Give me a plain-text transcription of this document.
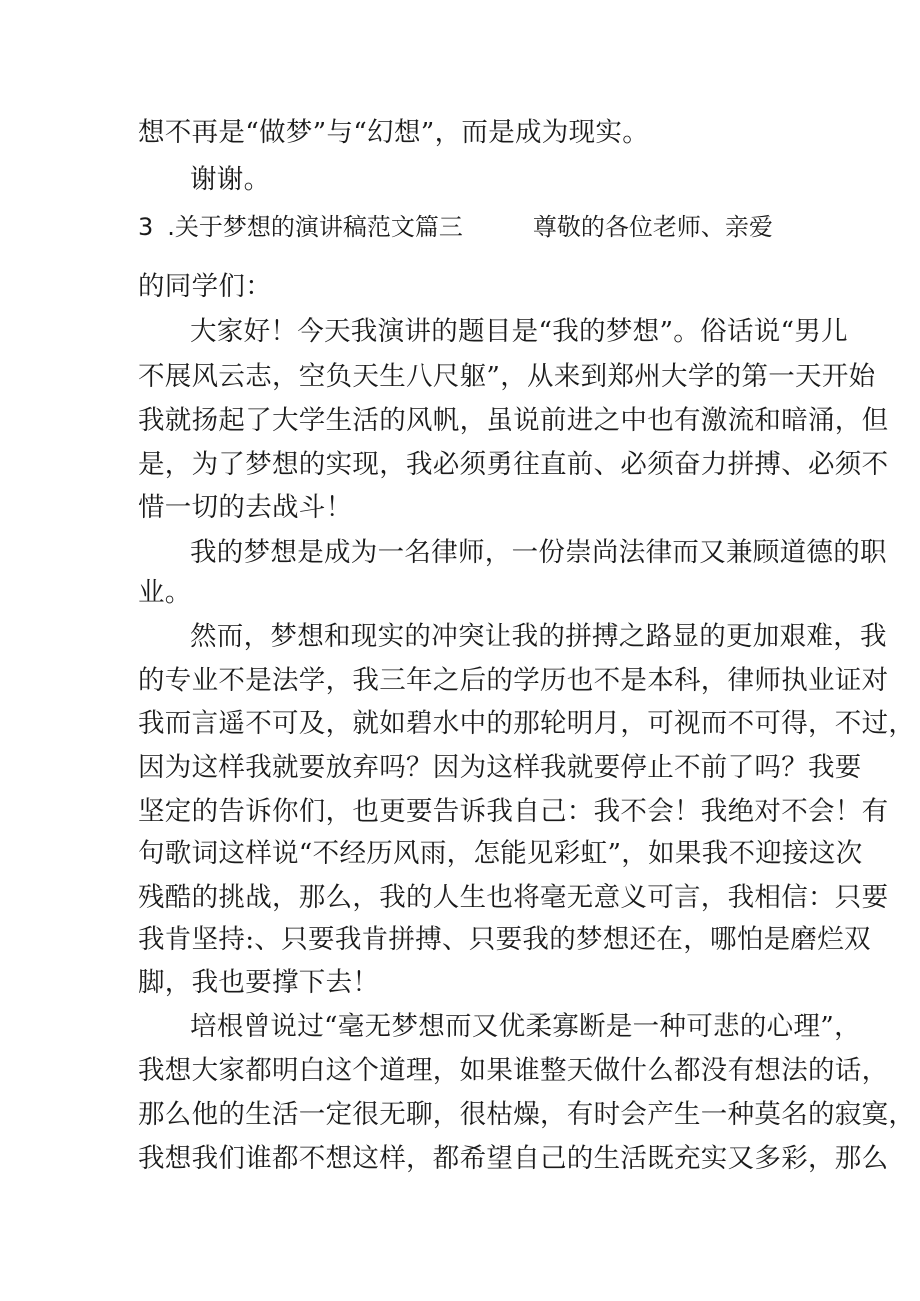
想不再是“做梦”与“幻想”，而是成为现实。
谢谢。
3 .关于梦想的演讲稿范文篇三	尊敬的各位老师、亲爱
的同学们：
大家好！今天我演讲的题目是“我的梦想”。俗话说“男儿
不展风云志，空负天生八尺躯”，从来到郑州大学的第一天开始
我就扬起了大学生活的风帆，虽说前进之中也有激流和暗涌，但
是，为了梦想的实现，我必须勇往直前、必须奋力拼搏、必须不
惜一切的去战斗！
我的梦想是成为一名律师，一份崇尚法律而又兼顾道德的职
业。
然而，梦想和现实的冲突让我的拼搏之路显的更加艰难，我
的专业不是法学，我三年之后的学历也不是本科，律师执业证对
我而言遥不可及，就如碧水中的那轮明月，可视而不可得，不过，
因为这样我就要放弃吗？因为这样我就要停止不前了吗？我要
坚定的告诉你们，也更要告诉我自己：我不会！我绝对不会！有
句歌词这样说“不经历风雨，怎能见彩虹”，如果我不迎接这次
残酷的挑战，那么，我的人生也将毫无意义可言，我相信：只要
我肯坚持:、只要我肯拼搏、只要我的梦想还在，哪怕是磨烂双
脚，我也要撑下去！
培根曾说过“毫无梦想而又优柔寡断是一种可悲的心理”，
我想大家都明白这个道理，如果谁整天做什么都没有想法的话，
那么他的生活一定很无聊，很枯燥，有时会产生一种莫名的寂寞，
我想我们谁都不想这样，都希望自己的生活既充实又多彩，那么
